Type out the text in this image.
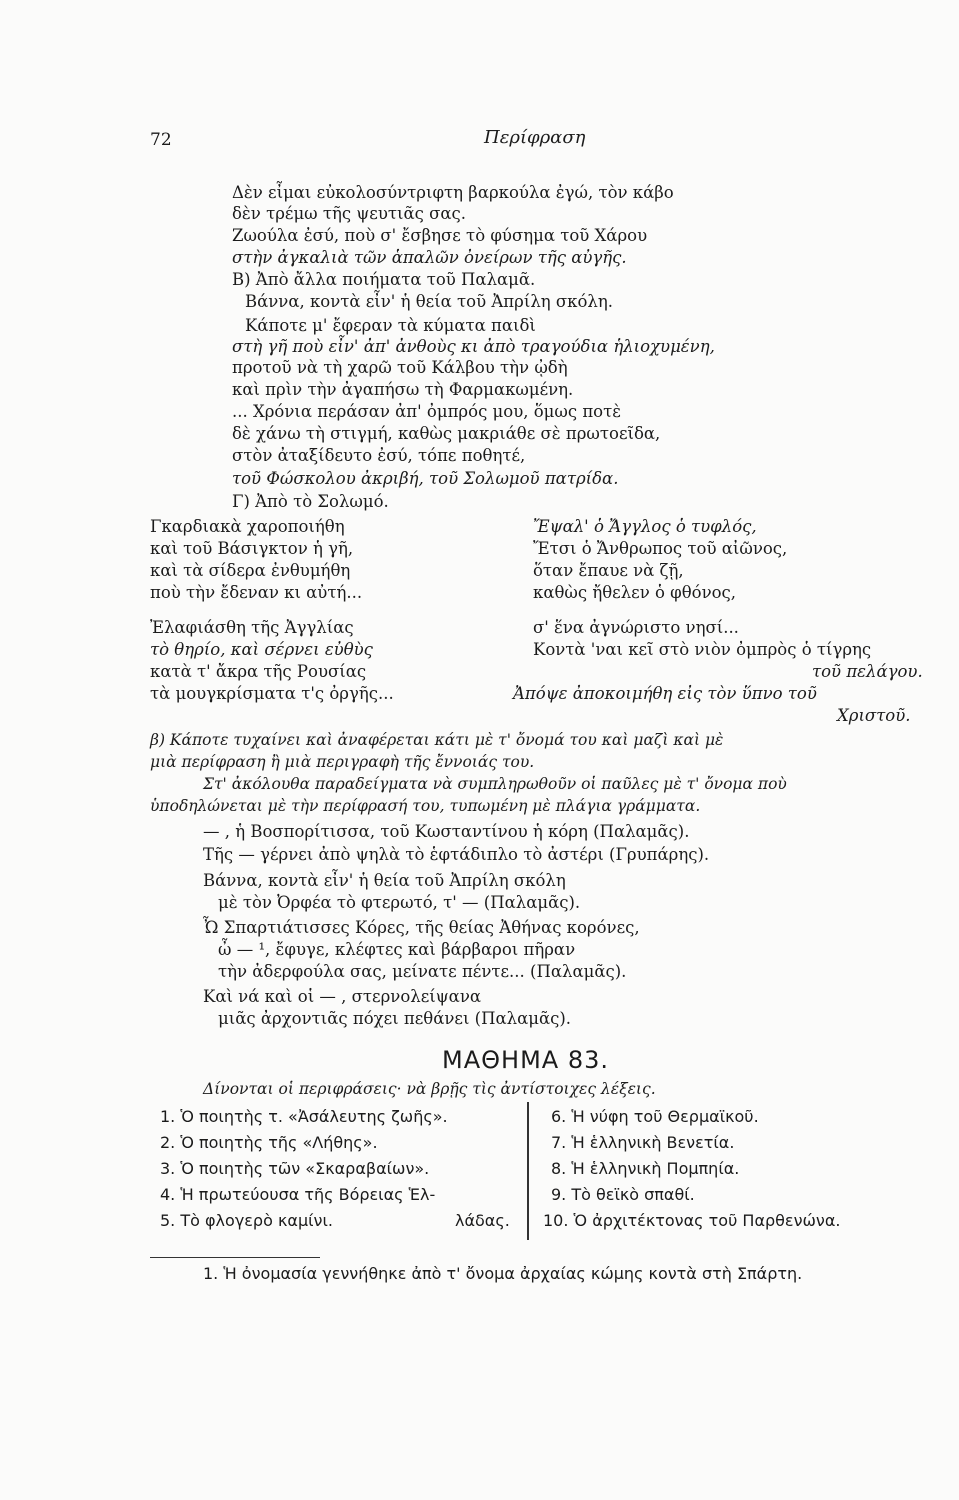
72	Περίφραση
Δὲν εἶμαι εὐκολοσύντριφτη βαρκούλα ἐγώ, τὸν κάβο
δὲν τρέμω τῆς ψευτιᾶς σας.
Ζωούλα ἐσύ, ποὺ σ' ἔσβησε τὸ φύσημα τοῦ Χάρου
στὴν ἀγκαλιὰ τῶν ἁπαλῶν ὀνείρων τῆς αὐγῆς.
Β) Ἀπὸ ἄλλα ποιήματα τοῦ Παλαμᾶ.
Βάννα, κοντὰ εἶν' ἡ θεία τοῦ Ἀπρίλη σκόλη.
Κάποτε μ' ἔφεραν τὰ κύματα παιδὶ
στὴ γῆ ποὺ εἶν' ἀπ' ἀνθοὺς κι ἀπὸ τραγούδια ἡλιοχυμένη,
προτοῦ νὰ τὴ χαρῶ τοῦ Κάλβου τὴν ᾠδὴ
καὶ πρὶν τὴν ἀγαπήσω τὴ Φαρμακωμένη.
... Χρόνια περάσαν ἀπ' ὀμπρός μου, ὅμως ποτὲ
δὲ χάνω τὴ στιγμή, καθὼς μακριάθε σὲ πρωτοεῖδα,
στὸν ἀταξίδευτο ἐσύ, τόπε ποθητέ,
τοῦ Φώσκολου ἀκριβή, τοῦ Σολωμοῦ πατρίδα.
Γ) Ἀπὸ τὸ Σολωμό.
Γκαρδιακὰ χαροποιήθη
καὶ τοῦ Βάσιγκτον ἡ γῆ,
καὶ τὰ σίδερα ἐνθυμήθη
ποὺ τὴν ἔδεναν κι αὐτή...
Ἐλαφιάσθη τῆς Ἀγγλίας
τὸ θηρίο, καὶ σέρνει εὐθὺς
κατὰ τ' ἄκρα τῆς Ρουσίας
τὰ μουγκρίσματα τ'ς ὀργῆς...
Ἔψαλ' ὁ Ἄγγλος ὁ τυφλός,
Ἔτσι ὁ Ἄνθρωπος τοῦ αἰῶνος,
ὅταν ἔπαυε νὰ ζῇ,
καθὼς ἤθελεν ὁ φθόνος,
σ' ἕνα ἀγνώριστο νησί...
Κοντὰ 'ναι κεῖ στὸ νιὸν ὀμπρὸς ὁ τίγρης
τοῦ πελάγου.
Ἀπόψε ἀποκοιμήθη εἰς τὸν ὕπνο τοῦ
Χριστοῦ.
β) Κάποτε τυχαίνει καὶ ἀναφέρεται κάτι μὲ τ' ὄνομά του καὶ μαζὶ καὶ μὲ
μιὰ περίφραση ἢ μιὰ περιγραφὴ τῆς ἔννοιάς του.
Στ' ἀκόλουθα παραδείγματα νὰ συμπληρωθοῦν οἱ παῦλες μὲ τ' ὄνομα ποὺ
ὑποδηλώνεται μὲ τὴν περίφρασή του, τυπωμένη μὲ πλάγια γράμματα.
— , ἡ Βοσπορίτισσα, τοῦ Κωσταντίνου ἡ κόρη (Παλαμᾶς).
Τῆς — γέρνει ἀπὸ ψηλὰ τὸ ἑφτάδιπλο τὸ ἀστέρι (Γρυπάρης).
Βάννα, κοντὰ εἶν' ἡ θεία τοῦ Ἀπρίλη σκόλη
μὲ τὸν Ὀρφέα τὸ φτερωτό, τ' — (Παλαμᾶς).
Ὦ Σπαρτιάτισσες Κόρες, τῆς θείας Ἀθήνας κορόνες,
ὦ — ¹, ἔφυγε, κλέφτες καὶ βάρβαροι πῆραν
τὴν ἀδερφούλα σας, μείνατε πέντε... (Παλαμᾶς).
Καὶ νά καὶ οἱ — , στερνολείψανα
μιᾶς ἀρχοντιᾶς πόχει πεθάνει (Παλαμᾶς).
ΜΑΘΗΜΑ 83.
Δίνονται οἱ περιφράσεις· νὰ βρῇς τὶς ἀντίστοιχες λέξεις.
1. Ὁ ποιητὴς τ. «Ἀσάλευτης ζωῆς».
2. Ὁ ποιητὴς τῆς «Λήθης».
3. Ὁ ποιητὴς τῶν «Σκαραβαίων».
4. Ἡ πρωτεύουσα τῆς Βόρειας Ἑλ-
5. Τὸ φλογερὸ καμίνι.	λάδας.
6. Ἡ νύφη τοῦ Θερμαϊκοῦ.
7. Ἡ ἑλληνικὴ Βενετία.
8. Ἡ ἑλληνικὴ Πομπηία.
9. Τὸ θεϊκὸ σπαθί.
10. Ὁ ἀρχιτέκτονας τοῦ Παρθενώνα.
1. Ἡ ὀνομασία γεννήθηκε ἀπὸ τ' ὄνομα ἀρχαίας κώμης κοντὰ στὴ Σπάρτη.
